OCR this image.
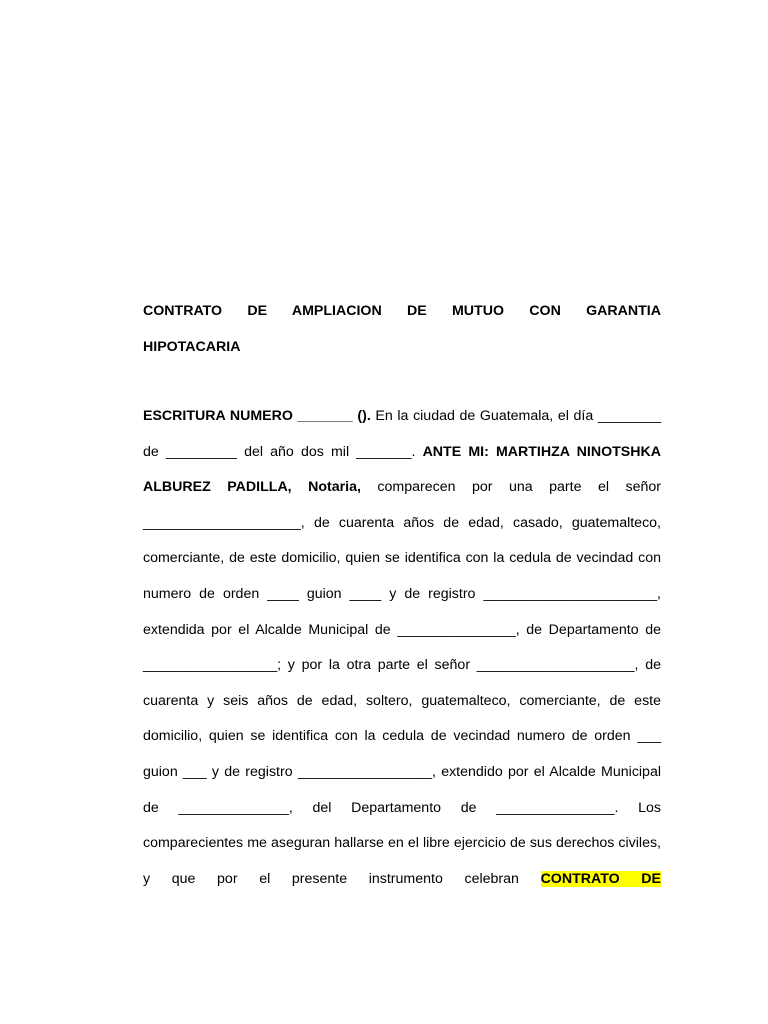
CONTRATO DE AMPLIACION DE MUTUO CON GARANTIA
HIPOTACARIA

ESCRITURA NUMERO _______ (). En la ciudad de Guatemala, el día ________ de _________ del año dos mil _______. ANTE MI: MARTIHZA NINOTSHKA ALBUREZ PADILLA, Notaria, comparecen por una parte el señor ____________________, de cuarenta años de edad, casado, guatemalteco, comerciante, de este domicilio, quien se identifica con la cedula de vecindad con numero de orden ____ guion ____ y de registro ______________________, extendida por el Alcalde Municipal de _______________, de Departamento de _________________; y por la otra parte el señor ____________________, de cuarenta y seis años de edad, soltero, guatemalteco, comerciante, de este domicilio, quien se identifica con la cedula de vecindad numero de orden ___ guion ___ y de registro _________________, extendido por el Alcalde Municipal de ______________, del Departamento de _______________. Los comparecientes me aseguran hallarse en el libre ejercicio de sus derechos civiles, y que por el presente instrumento celebran CONTRATO DE
